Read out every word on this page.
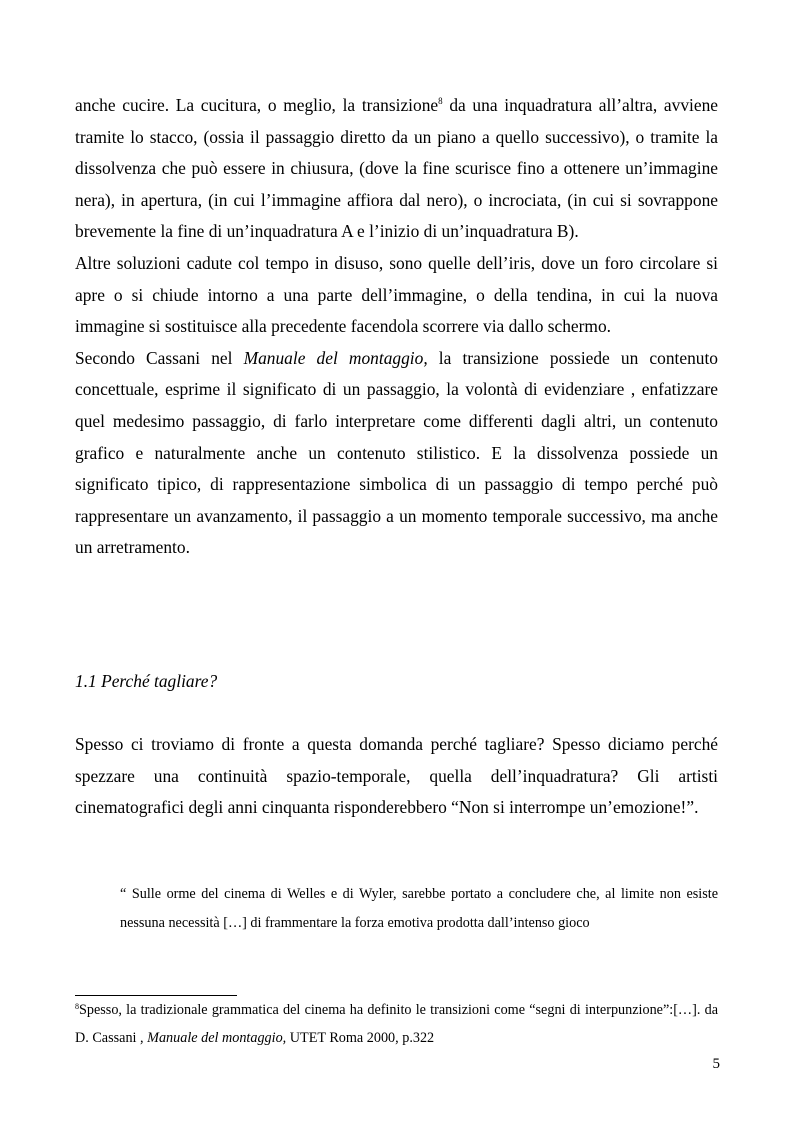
anche cucire. La cucitura, o meglio, la transizione$^8$ da una inquadratura all’altra, avviene tramite lo stacco, (ossia il passaggio diretto da un piano a quello successivo), o tramite la dissolvenza che può essere in chiusura, (dove la fine scurisce fino a ottenere un’immagine nera), in apertura, (in cui l’immagine affiora dal nero), o incrociata, (in cui si sovrappone brevemente la fine di un’inquadratura A e l’inizio di un’inquadratura B).

Altre soluzioni cadute col tempo in disuso, sono quelle dell’iris, dove un foro circolare si apre o si chiude intorno a una parte dell’immagine, o della tendina, in cui la nuova immagine si sostituisce alla precedente facendola scorrere via dallo schermo.

Secondo Cassani nel Manuale del montaggio, la transizione possiede un contenuto concettuale, esprime il significato di un passaggio, la volontà di evidenziare , enfatizzare quel medesimo passaggio, di farlo interpretare come differenti dagli altri, un contenuto grafico e naturalmente anche un contenuto stilistico. E la dissolvenza possiede un significato tipico, di rappresentazione simbolica di un passaggio di tempo perché può rappresentare un avanzamento, il passaggio a un momento temporale successivo, ma anche un arretramento.

1.1 Perché tagliare?

Spesso ci troviamo di fronte a questa domanda perché tagliare? Spesso diciamo perché spezzare una continuità spazio-temporale, quella dell’inquadratura? Gli artisti cinematografici degli anni cinquanta risponderebbero “Non si interrompe un’emozione!”.

“ Sulle orme del cinema di Welles e di Wyler, sarebbe portato a concludere che, al limite non esiste nessuna necessità […] di frammentare la forza emotiva prodotta dall’intenso gioco

$^8$Spesso, la tradizionale grammatica del cinema ha definito le transizioni come “segni di interpunzione”:[…]. da D. Cassani , Manuale del montaggio, UTET Roma 2000, p.322

5
